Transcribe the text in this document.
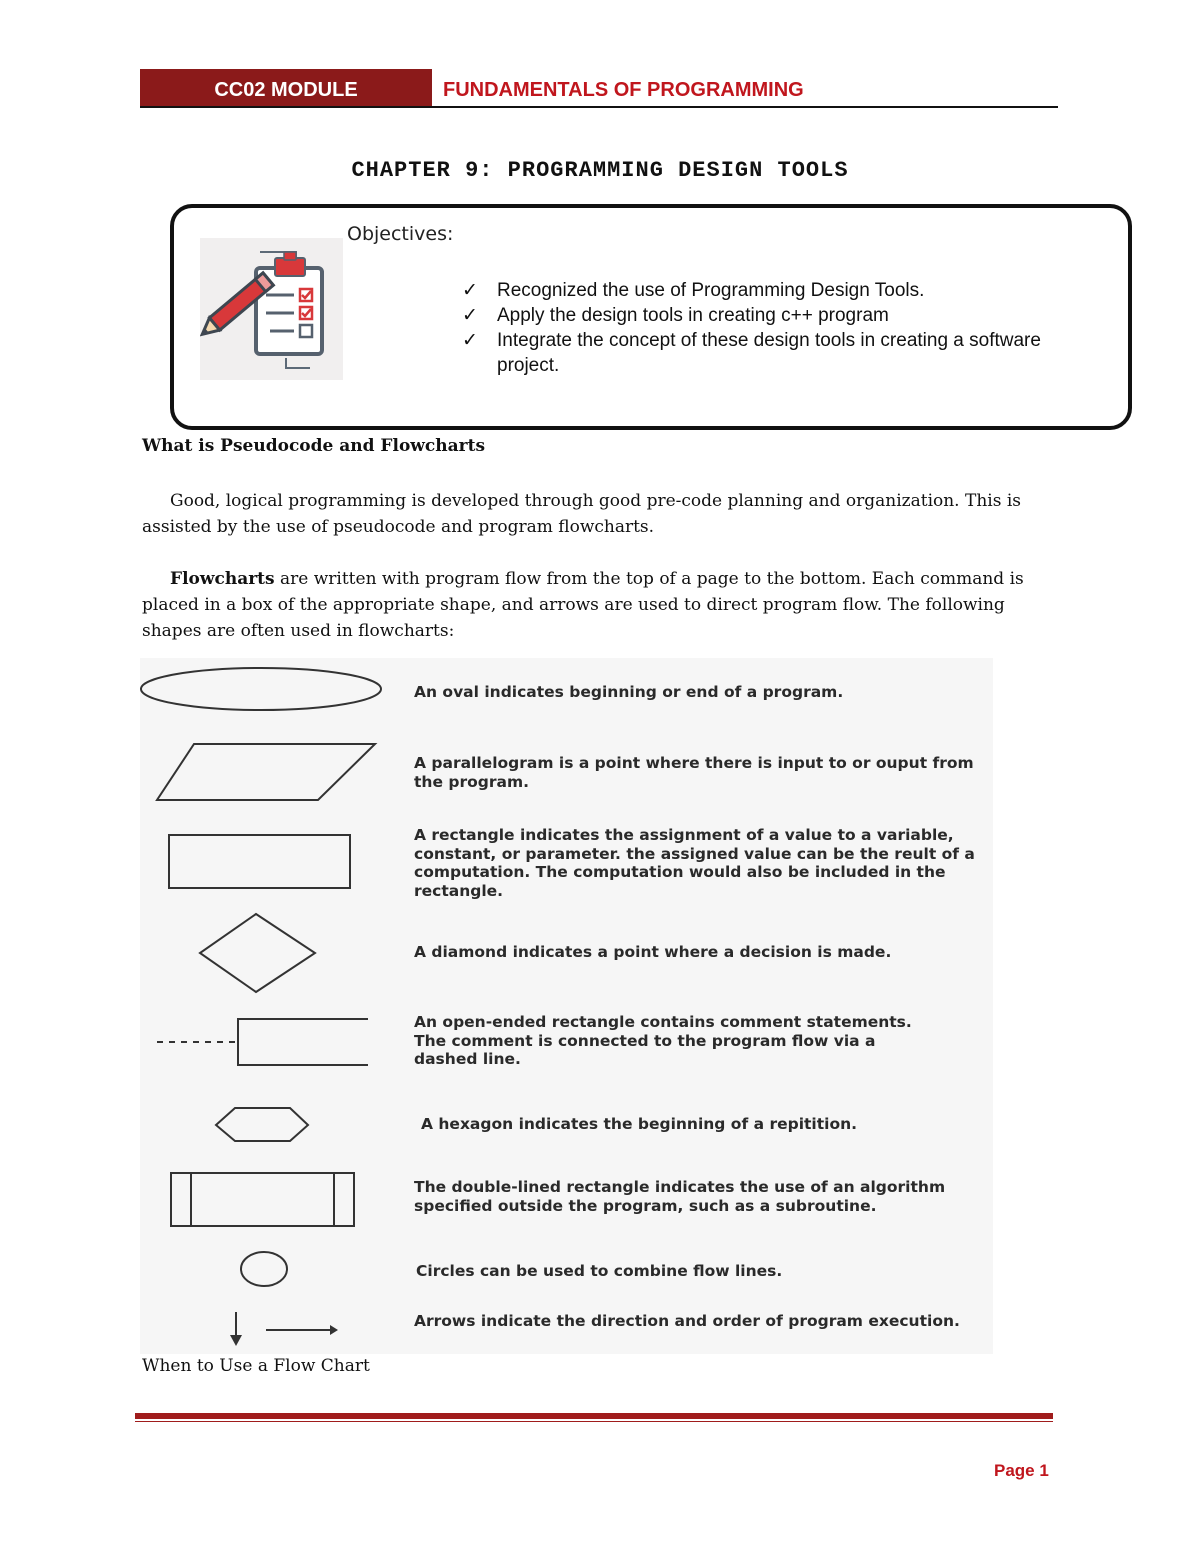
CC02 MODULE	FUNDAMENTALS OF PROGRAMMING
CHAPTER 9: PROGRAMMING DESIGN TOOLS
Objectives:
✓	Recognized the use of Programming Design Tools.
✓	Apply the design tools in creating c++ program
✓	Integrate the concept of these design tools in creating a software project.
What is Pseudocode and Flowcharts
Good, logical programming is developed through good pre-code planning and organization. This is assisted by the use of pseudocode and program flowcharts.
Flowcharts are written with program flow from the top of a page to the bottom. Each command is placed in a box of the appropriate shape, and arrows are used to direct program flow. The following shapes are often used in flowcharts:
An oval indicates beginning or end of a program.
A parallelogram is a point where there is input to or ouput from the program.
A rectangle indicates the assignment of a value to a variable, constant, or parameter. the assigned value can be the reult of a computation. The computation would also be included in the rectangle.
A diamond indicates a point where a decision is made.
An open-ended rectangle contains comment statements. The comment is connected to the program flow via a dashed line.
A hexagon indicates the beginning of a repitition.
The double-lined rectangle indicates the use of an algorithm specified outside the program, such as a subroutine.
Circles can be used to combine flow lines.
Arrows indicate the direction and order of program execution.
When to Use a Flow Chart
Page 1
